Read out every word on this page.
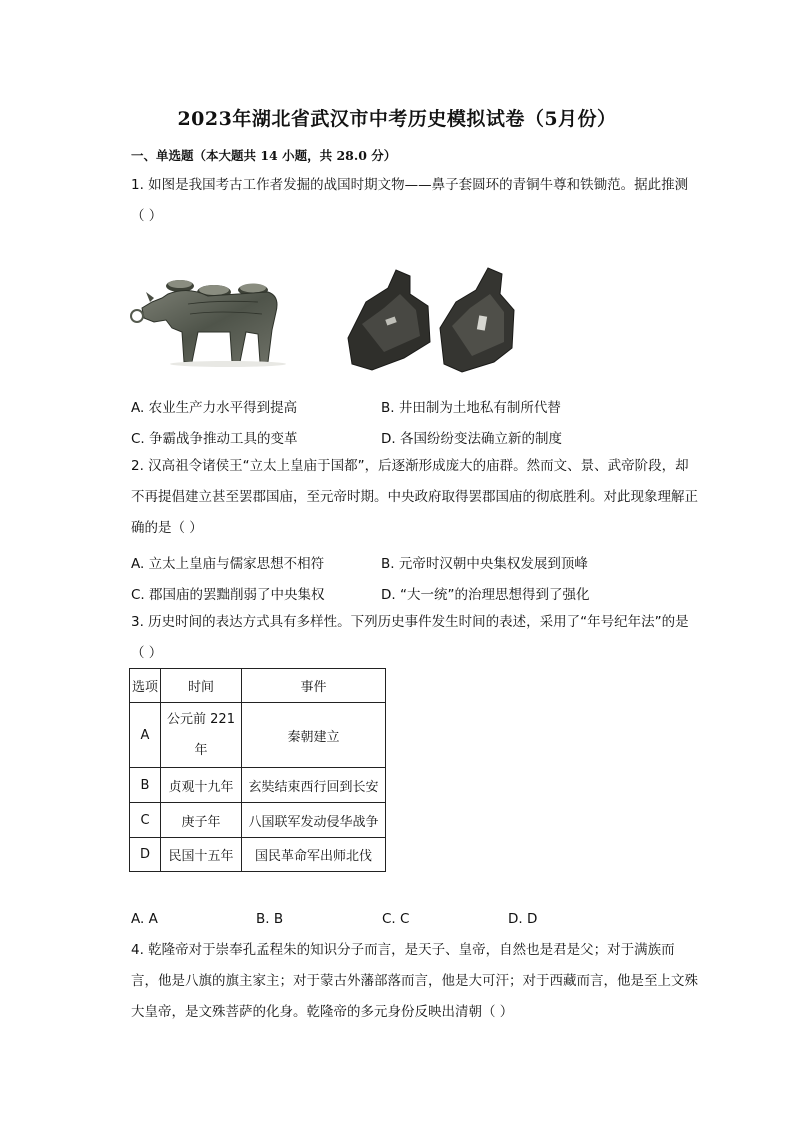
2023年湖北省武汉市中考历史模拟试卷（5月份）
一、单选题（本大题共 14 小题，共 28.0 分）
1. 如图是我国考古工作者发掘的战国时期文物——鼻子套圆环的青铜牛尊和铁锄范。据此推测（ ）
A. 农业生产力水平得到提高	B. 井田制为土地私有制所代替
C. 争霸战争推动工具的变革	D. 各国纷纷变法确立新的制度
2. 汉高祖令诸侯王“立太上皇庙于国都”，后逐渐形成庞大的庙群。然而文、景、武帝阶段，却不再提倡建立甚至罢郡国庙，至元帝时期。中央政府取得罢郡国庙的彻底胜利。对此现象理解正确的是（ ）
A. 立太上皇庙与儒家思想不相符	B. 元帝时汉朝中央集权发展到顶峰
C. 郡国庙的罢黜削弱了中央集权	D. “大一统”的治理思想得到了强化
3. 历史时间的表达方式具有多样性。下列历史事件发生时间的表述，采用了“年号纪年法”的是（ ）
选项	时间	事件
A	公元前 221 年	秦朝建立
B	贞观十九年	玄奘结束西行回到长安
C	庚子年	八国联军发动侵华战争
D	民国十五年	国民革命军出师北伐
A. A	B. B	C. C	D. D
4. 乾隆帝对于崇奉孔孟程朱的知识分子而言，是天子、皇帝，自然也是君是父；对于满族而言，他是八旗的旗主家主；对于蒙古外藩部落而言，他是大可汗；对于西藏而言，他是至上文殊大皇帝，是文殊菩萨的化身。乾隆帝的多元身份反映出清朝（ ）
